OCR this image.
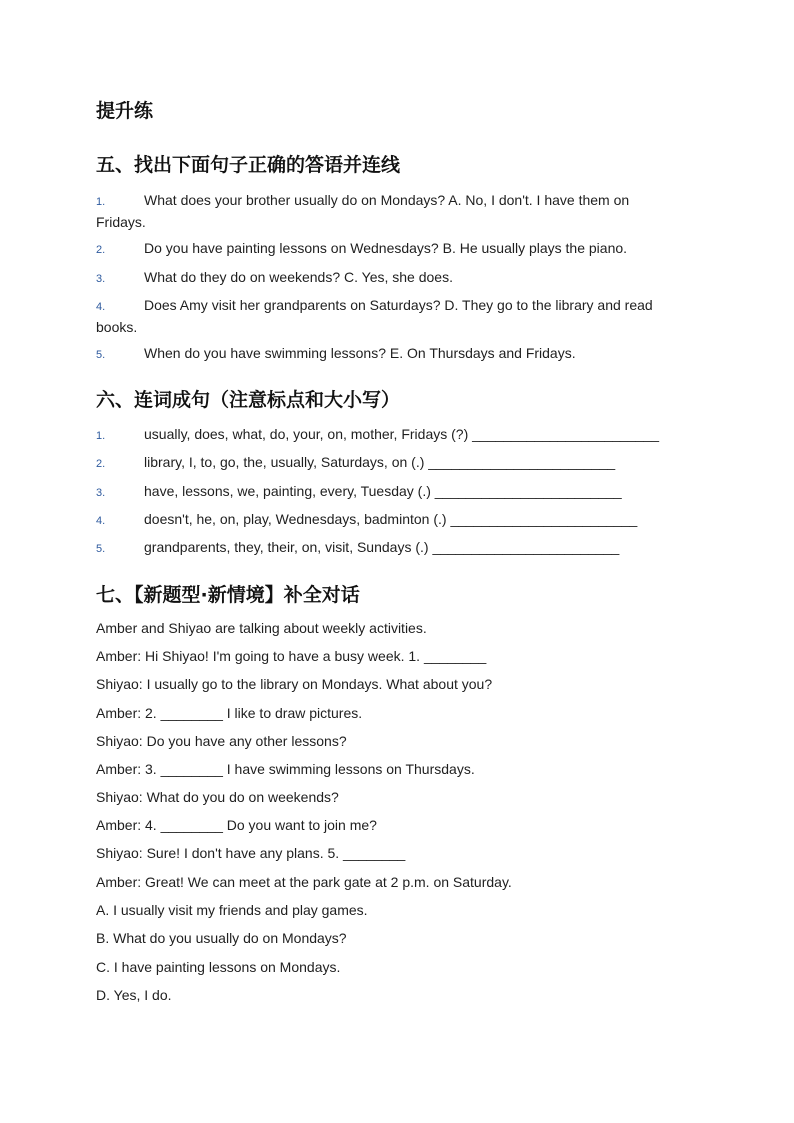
提升练
五、找出下面句子正确的答语并连线
1.	What does your brother usually do on Mondays? A. No, I don't. I have them on Fridays.
2.	Do you have painting lessons on Wednesdays? B. He usually plays the piano.
3.	What do they do on weekends? C. Yes, she does.
4.	Does Amy visit her grandparents on Saturdays? D. They go to the library and read books.
5.	When do you have swimming lessons? E. On Thursdays and Fridays.
六、连词成句（注意标点和大小写）
1.	usually, does, what, do, your, on, mother, Fridays (?) ________________________
2.	library, I, to, go, the, usually, Saturdays, on (.) ________________________
3.	have, lessons, we, painting, every, Tuesday (.) ________________________
4.	doesn't, he, on, play, Wednesdays, badminton (.) ________________________
5.	grandparents, they, their, on, visit, Sundays (.) ________________________
七、【新题型·新情境】补全对话
Amber and Shiyao are talking about weekly activities.
Amber: Hi Shiyao! I'm going to have a busy week. 1. ________
Shiyao: I usually go to the library on Mondays. What about you?
Amber: 2. ________ I like to draw pictures.
Shiyao: Do you have any other lessons?
Amber: 3. ________ I have swimming lessons on Thursdays.
Shiyao: What do you do on weekends?
Amber: 4. ________ Do you want to join me?
Shiyao: Sure! I don't have any plans. 5. ________
Amber: Great! We can meet at the park gate at 2 p.m. on Saturday.
A. I usually visit my friends and play games.
B. What do you usually do on Mondays?
C. I have painting lessons on Mondays.
D. Yes, I do.
